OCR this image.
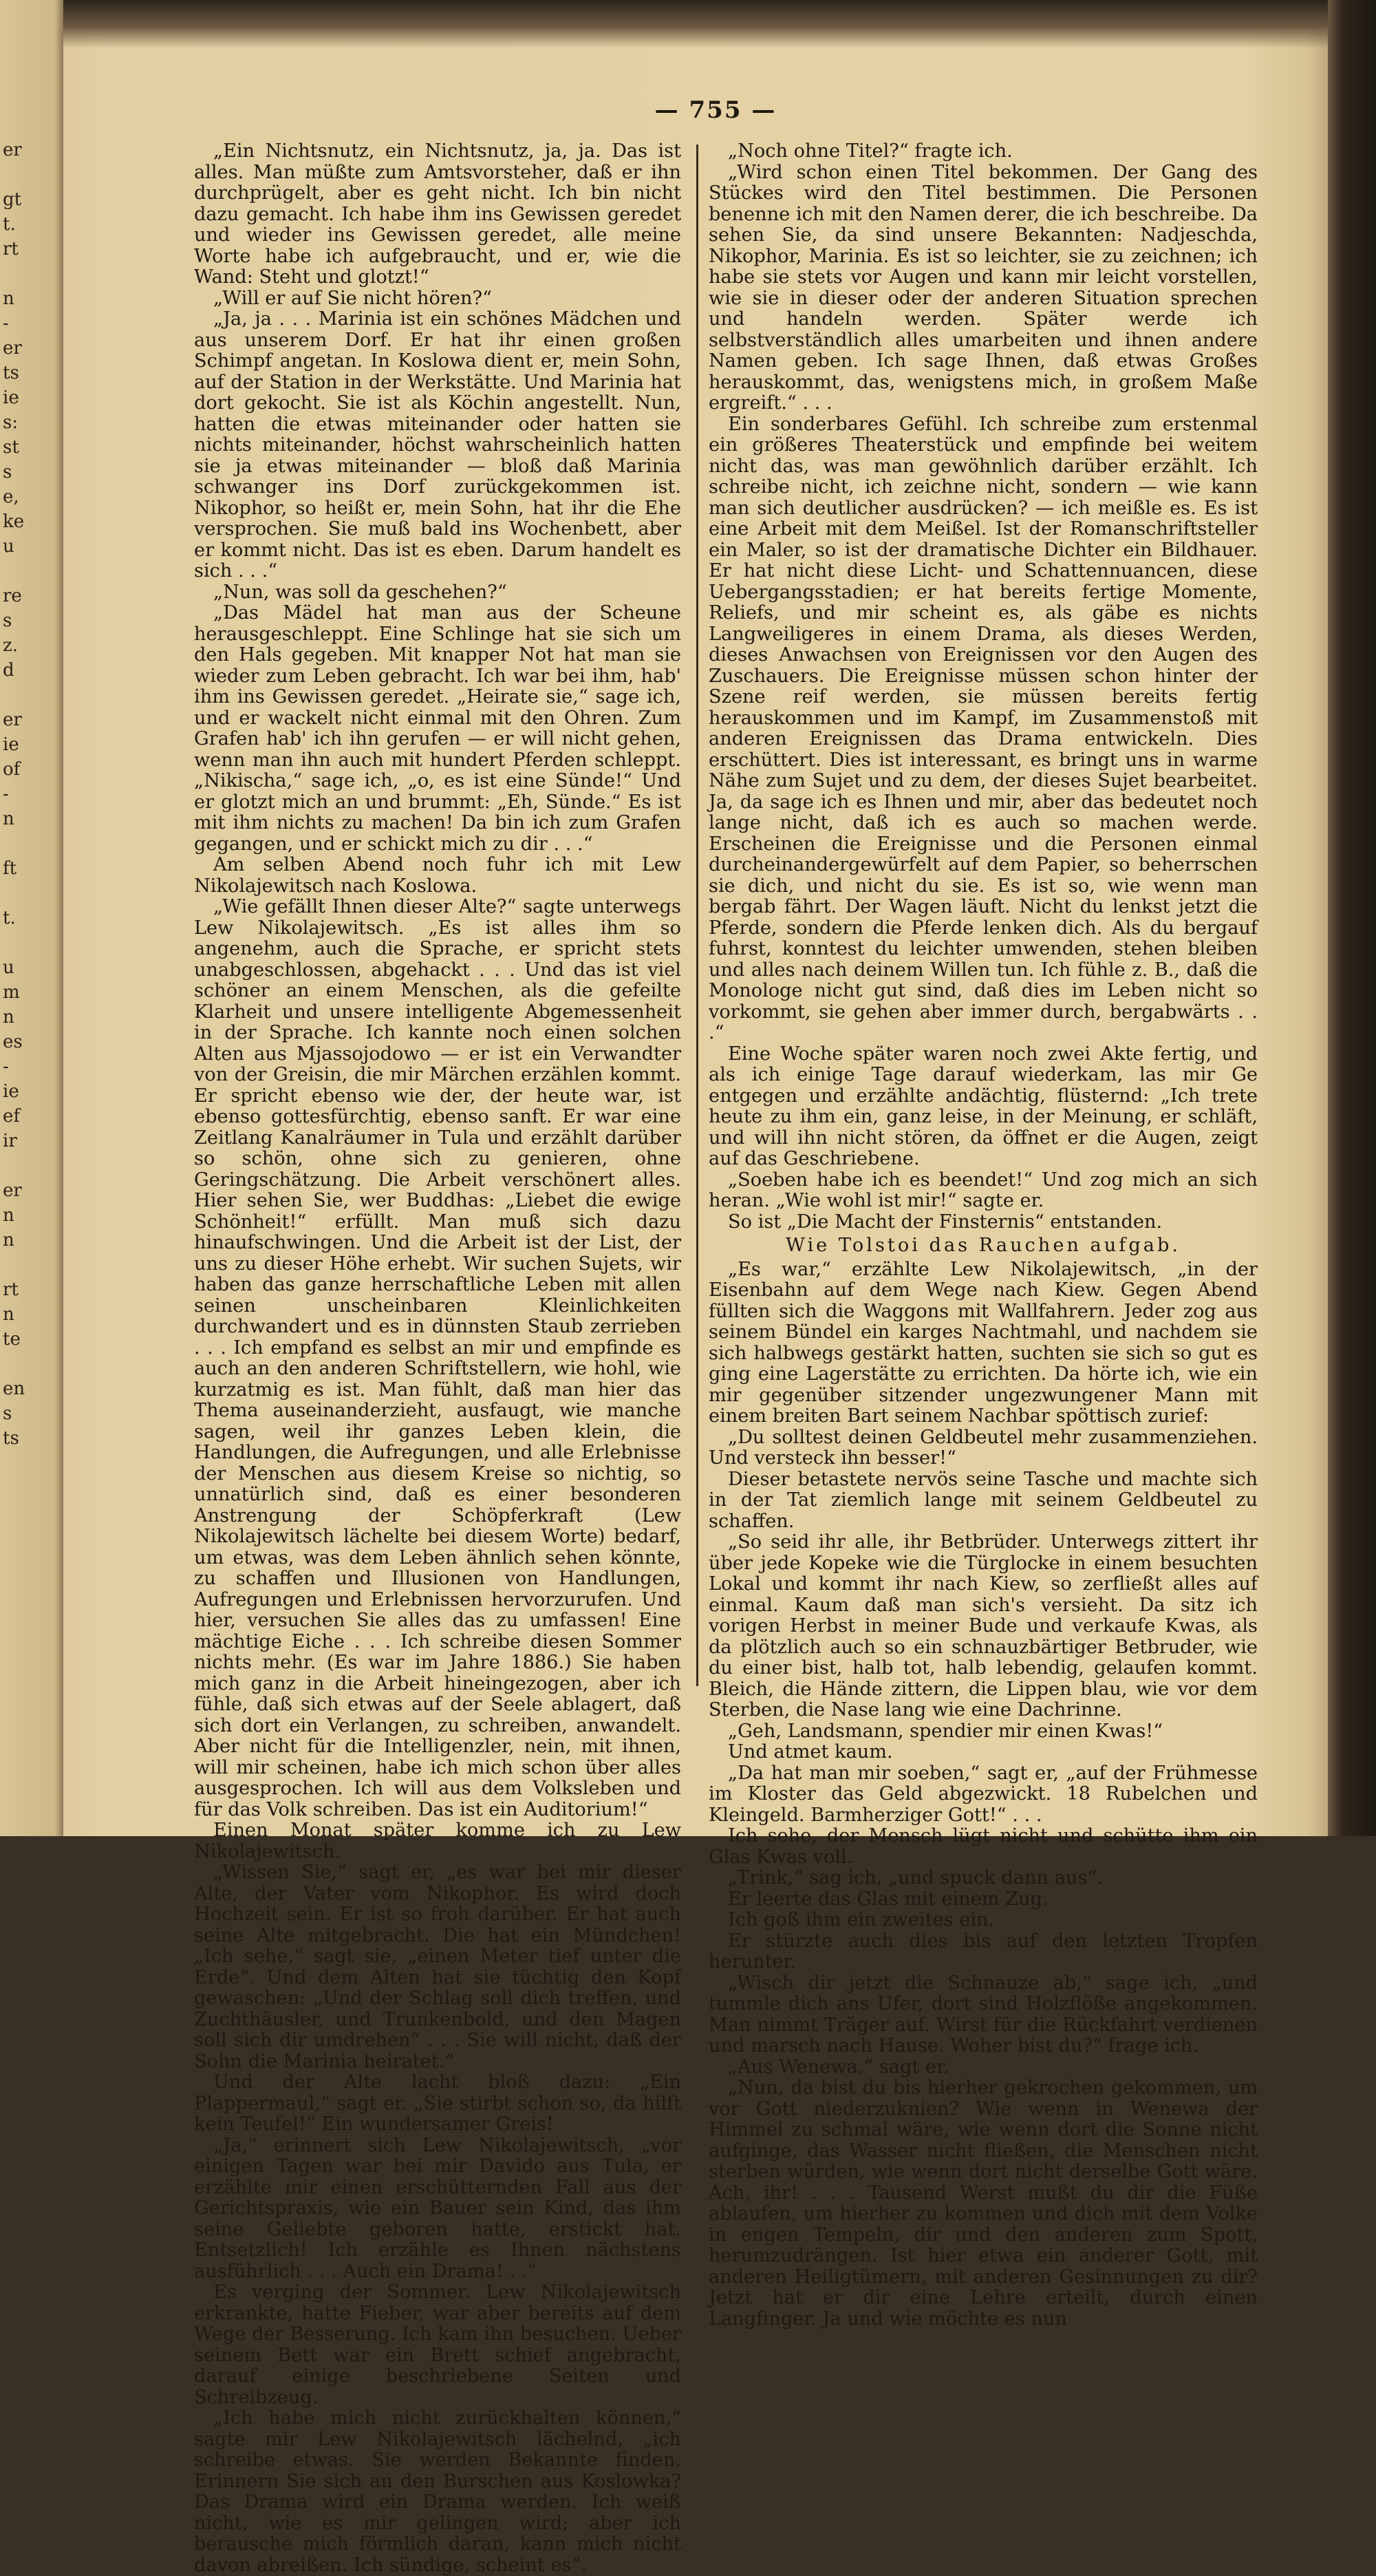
er
gt
t.
rt
n
-
er
ts
ie
s:
st
s
e,
ke
u
re
s
z.
d
er
ie
of
-
n
ft
t.
u
m
n
es
-
ie
ef
ir
er
n
n
rt
n
te
en
s
ts
— 755 —

„Ein Nichtsnutz, ein Nichtsnutz, ja, ja. Das ist alles. Man müßte zum Amtsvorsteher, daß er ihn durchprügelt, aber es geht nicht. Ich bin nicht dazu gemacht. Ich habe ihm ins Gewissen geredet und wieder ins Gewissen geredet, alle meine Worte habe ich aufgebraucht, und er, wie die Wand: Steht und glotzt!“

„Will er auf Sie nicht hören?“

„Ja, ja . . . Marinia ist ein schönes Mädchen und aus unserem Dorf. Er hat ihr einen großen Schimpf angetan. In Koslowa dient er, mein Sohn, auf der Station in der Werkstätte. Und Marinia hat dort gekocht. Sie ist als Köchin angestellt. Nun, hatten die etwas miteinander oder hatten sie nichts miteinander, höchst wahrscheinlich hatten sie ja etwas miteinander — bloß daß Marinia schwanger ins Dorf zurückgekommen ist. Nikophor, so heißt er, mein Sohn, hat ihr die Ehe versprochen. Sie muß bald ins Wochenbett, aber er kommt nicht. Das ist es eben. Darum handelt es sich . . .“

„Nun, was soll da geschehen?“

„Das Mädel hat man aus der Scheune herausgeschleppt. Eine Schlinge hat sie sich um den Hals gegeben. Mit knapper Not hat man sie wieder zum Leben gebracht. Ich war bei ihm, hab' ihm ins Gewissen geredet. „Heirate sie,“ sage ich, und er wackelt nicht einmal mit den Ohren. Zum Grafen hab' ich ihn gerufen — er will nicht gehen, wenn man ihn auch mit hundert Pferden schleppt. „Nikischa,“ sage ich, „o, es ist eine Sünde!“ Und er glotzt mich an und brummt: „Eh, Sünde.“ Es ist mit ihm nichts zu machen! Da bin ich zum Grafen gegangen, und er schickt mich zu dir . . .“

Am selben Abend noch fuhr ich mit Lew Nikolajewitsch nach Koslowa.

„Wie gefällt Ihnen dieser Alte?“ sagte unterwegs Lew Nikolajewitsch. „Es ist alles ihm so angenehm, auch die Sprache, er spricht stets unabgeschlossen, abgehackt . . . Und das ist viel schöner an einem Menschen, als die gefeilte Klarheit und unsere intelligente Abgemessenheit in der Sprache. Ich kannte noch einen solchen Alten aus Mjassojodowo — er ist ein Verwandter von der Greisin, die mir Märchen erzählen kommt. Er spricht ebenso wie der, der heute war, ist ebenso gottesfürchtig, ebenso sanft. Er war eine Zeitlang Kanalräumer in Tula und erzählt darüber so schön, ohne sich zu genieren, ohne Geringschätzung. Die Arbeit verschönert alles. Hier sehen Sie, wer Buddhas: „Liebet die ewige Schönheit!“ erfüllt. Man muß sich dazu hinaufschwingen. Und die Arbeit ist der List, der uns zu dieser Höhe erhebt. Wir suchen Sujets, wir haben das ganze herrschaftliche Leben mit allen seinen unscheinbaren Kleinlichkeiten durchwandert und es in dünnsten Staub zerrieben . . . Ich empfand es selbst an mir und empfinde es auch an den anderen Schriftstellern, wie hohl, wie kurzatmig es ist. Man fühlt, daß man hier das Thema auseinanderzieht, ausfaugt, wie manche sagen, weil ihr ganzes Leben klein, die Handlungen, die Aufregungen, und alle Erlebnisse der Menschen aus diesem Kreise so nichtig, so unnatürlich sind, daß es einer besonderen Anstrengung der Schöpferkraft (Lew Nikolajewitsch lächelte bei diesem Worte) bedarf, um etwas, was dem Leben ähnlich sehen könnte, zu schaffen und Illusionen von Handlungen, Aufregungen und Erlebnissen hervorzurufen. Und hier, versuchen Sie alles das zu umfassen! Eine mächtige Eiche . . . Ich schreibe diesen Sommer nichts mehr. (Es war im Jahre 1886.) Sie haben mich ganz in die Arbeit hineingezogen, aber ich fühle, daß sich etwas auf der Seele ablagert, daß sich dort ein Verlangen, zu schreiben, anwandelt. Aber nicht für die Intelligenzler, nein, mit ihnen, will mir scheinen, habe ich mich schon über alles ausgesprochen. Ich will aus dem Volksleben und für das Volk schreiben. Das ist ein Auditorium!“

Einen Monat später komme ich zu Lew Nikolajewitsch.

„Wissen Sie,“ sagt er, „es war bei mir dieser Alte, der Vater vom Nikophor. Es wird doch Hochzeit sein. Er ist so froh darüber. Er hat auch seine Alte mitgebracht. Die hat ein Mündchen! „Ich sehe,“ sagt sie, „einen Meter tief unter die Erde“. Und dem Alten hat sie tüchtig den Kopf gewaschen: „Und der Schlag soll dich treffen, und Zuchthäusler, und Trunkenbold, und den Magen soll sich dir umdrehen“ . . . Sie will nicht, daß der Sohn die Marinia heiratet.“

Und der Alte lacht bloß dazu: „Ein Plappermaul,“ sagt er. „Sie stirbt schon so, da hilft kein Teufel!“ Ein wundersamer Greis!

„Ja,“ erinnert sich Lew Nikolajewitsch, „vor einigen Tagen war bei mir Davido aus Tula, er erzählte mir einen erschütternden Fall aus der Gerichtspraxis, wie ein Bauer sein Kind, das ihm seine Geliebte geboren hatte, erstickt hat. Entsetzlich! Ich erzähle es Ihnen nächstens ausführlich . . . Auch ein Drama! . .“

Es verging der Sommer. Lew Nikolajewitsch erkrankte, hatte Fieber, war aber bereits auf dem Wege der Besserung. Ich kam ihn besuchen. Ueber seinem Bett war ein Brett schief angebracht, darauf einige beschriebene Seiten und Schreibzeug.

„Ich habe mich nicht zurückhalten können,“ sagte mir Lew Nikolajewitsch lächelnd, „ich schreibe etwas. Sie werden Bekannte finden. Erinnern Sie sich an den Burschen aus Koslowka? Das Drama wird ein Drama werden. Ich weiß nicht, wie es mir gelingen wird; aber ich berausche mich förmlich daran, kann mich nicht davon abreißen. Ich sündige, scheint es“.

„Noch ohne Titel?“ fragte ich.

„Wird schon einen Titel bekommen. Der Gang des Stückes wird den Titel bestimmen. Die Personen benenne ich mit den Namen derer, die ich beschreibe. Da sehen Sie, da sind unsere Bekannten: Nadjeschda, Nikophor, Marinia. Es ist so leichter, sie zu zeichnen; ich habe sie stets vor Augen und kann mir leicht vorstellen, wie sie in dieser oder der anderen Situation sprechen und handeln werden. Später werde ich selbstverständlich alles umarbeiten und ihnen andere Namen geben. Ich sage Ihnen, daß etwas Großes herauskommt, das, wenigstens mich, in großem Maße ergreift.“ . . .

Ein sonderbares Gefühl. Ich schreibe zum erstenmal ein größeres Theaterstück und empfinde bei weitem nicht das, was man gewöhnlich darüber erzählt. Ich schreibe nicht, ich zeichne nicht, sondern — wie kann man sich deutlicher ausdrücken? — ich meißle es. Es ist eine Arbeit mit dem Meißel. Ist der Romanschriftsteller ein Maler, so ist der dramatische Dichter ein Bildhauer. Er hat nicht diese Licht- und Schattennuancen, diese Uebergangsstadien; er hat bereits fertige Momente, Reliefs, und mir scheint es, als gäbe es nichts Langweiligeres in einem Drama, als dieses Werden, dieses Anwachsen von Ereignissen vor den Augen des Zuschauers. Die Ereignisse müssen schon hinter der Szene reif werden, sie müssen bereits fertig herauskommen und im Kampf, im Zusammenstoß mit anderen Ereignissen das Drama entwickeln. Dies erschüttert. Dies ist interessant, es bringt uns in warme Nähe zum Sujet und zu dem, der dieses Sujet bearbeitet. Ja, da sage ich es Ihnen und mir, aber das bedeutet noch lange nicht, daß ich es auch so machen werde. Erscheinen die Ereignisse und die Personen einmal durcheinandergewürfelt auf dem Papier, so beherrschen sie dich, und nicht du sie. Es ist so, wie wenn man bergab fährt. Der Wagen läuft. Nicht du lenkst jetzt die Pferde, sondern die Pferde lenken dich. Als du bergauf fuhrst, konntest du leichter umwenden, stehen bleiben und alles nach deinem Willen tun. Ich fühle z. B., daß die Monologe nicht gut sind, daß dies im Leben nicht so vorkommt, sie gehen aber immer durch, bergabwärts . . .“

Eine Woche später waren noch zwei Akte fertig, und als ich einige Tage darauf wiederkam, las mir Ge entgegen und erzählte andächtig, flüsternd: „Ich trete heute zu ihm ein, ganz leise, in der Meinung, er schläft, und will ihn nicht stören, da öffnet er die Augen, zeigt auf das Geschriebene.

„Soeben habe ich es beendet!“ Und zog mich an sich heran. „Wie wohl ist mir!“ sagte er.

So ist „Die Macht der Finsternis“ entstanden.

Wie Tolstoi das Rauchen aufgab.

„Es war,“ erzählte Lew Nikolajewitsch, „in der Eisenbahn auf dem Wege nach Kiew. Gegen Abend füllten sich die Waggons mit Wallfahrern. Jeder zog aus seinem Bündel ein karges Nachtmahl, und nachdem sie sich halbwegs gestärkt hatten, suchten sie sich so gut es ging eine Lagerstätte zu errichten. Da hörte ich, wie ein mir gegenüber sitzender ungezwungener Mann mit einem breiten Bart seinem Nachbar spöttisch zurief:

„Du solltest deinen Geldbeutel mehr zusammenziehen. Und versteck ihn besser!“

Dieser betastete nervös seine Tasche und machte sich in der Tat ziemlich lange mit seinem Geldbeutel zu schaffen.

„So seid ihr alle, ihr Betbrüder. Unterwegs zittert ihr über jede Kopeke wie die Türglocke in einem besuchten Lokal und kommt ihr nach Kiew, so zerfließt alles auf einmal. Kaum daß man sich's versieht. Da sitz ich vorigen Herbst in meiner Bude und verkaufe Kwas, als da plötzlich auch so ein schnauzbärtiger Betbruder, wie du einer bist, halb tot, halb lebendig, gelaufen kommt. Bleich, die Hände zittern, die Lippen blau, wie vor dem Sterben, die Nase lang wie eine Dachrinne.

„Geh, Landsmann, spendier mir einen Kwas!“

Und atmet kaum.

„Da hat man mir soeben,“ sagt er, „auf der Frühmesse im Kloster das Geld abgezwickt. 18 Rubelchen und Kleingeld. Barmherziger Gott!“ . . .

Ich sehe, der Mensch lügt nicht und schütte ihm ein Glas Kwas voll.

„Trink,“ sag ich, „und spuck dann aus“.

Er leerte das Glas mit einem Zug.

Ich goß ihm ein zweites ein.

Er stürzte auch dies bis auf den letzten Tropfen herunter.

„Wisch dir jetzt die Schnauze ab,“ sage ich, „und tummle dich ans Ufer, dort sind Holzflöße angekommen. Man nimmt Träger auf. Wirst für die Rückfahrt verdienen und marsch nach Hause. Woher bist du?“ frage ich.

„Aus Wenewa,“ sagt er.

„Nun, da bist du bis hierher gekrochen gekommen, um vor Gott niederzuknien? Wie wenn in Wenewa der Himmel zu schmal wäre, wie wenn dort die Sonne nicht aufginge, das Wasser nicht fließen, die Menschen nicht sterben würden, wie wenn dort nicht derselbe Gott wäre. Ach, ihr! . . . Tausend Werst mußt du dir die Füße ablaufen, um hierher zu kommen und dich mit dem Volke in engen Tempeln, dir und den anderen zum Spott, herumzudrängen. Ist hier etwa ein anderer Gott, mit anderen Heiligtümern, mit anderen Gesinnungen zu dir? Jetzt hat er dir eine Lehre erteilt, durch einen Langfinger. Ja und wie möchte es nun
